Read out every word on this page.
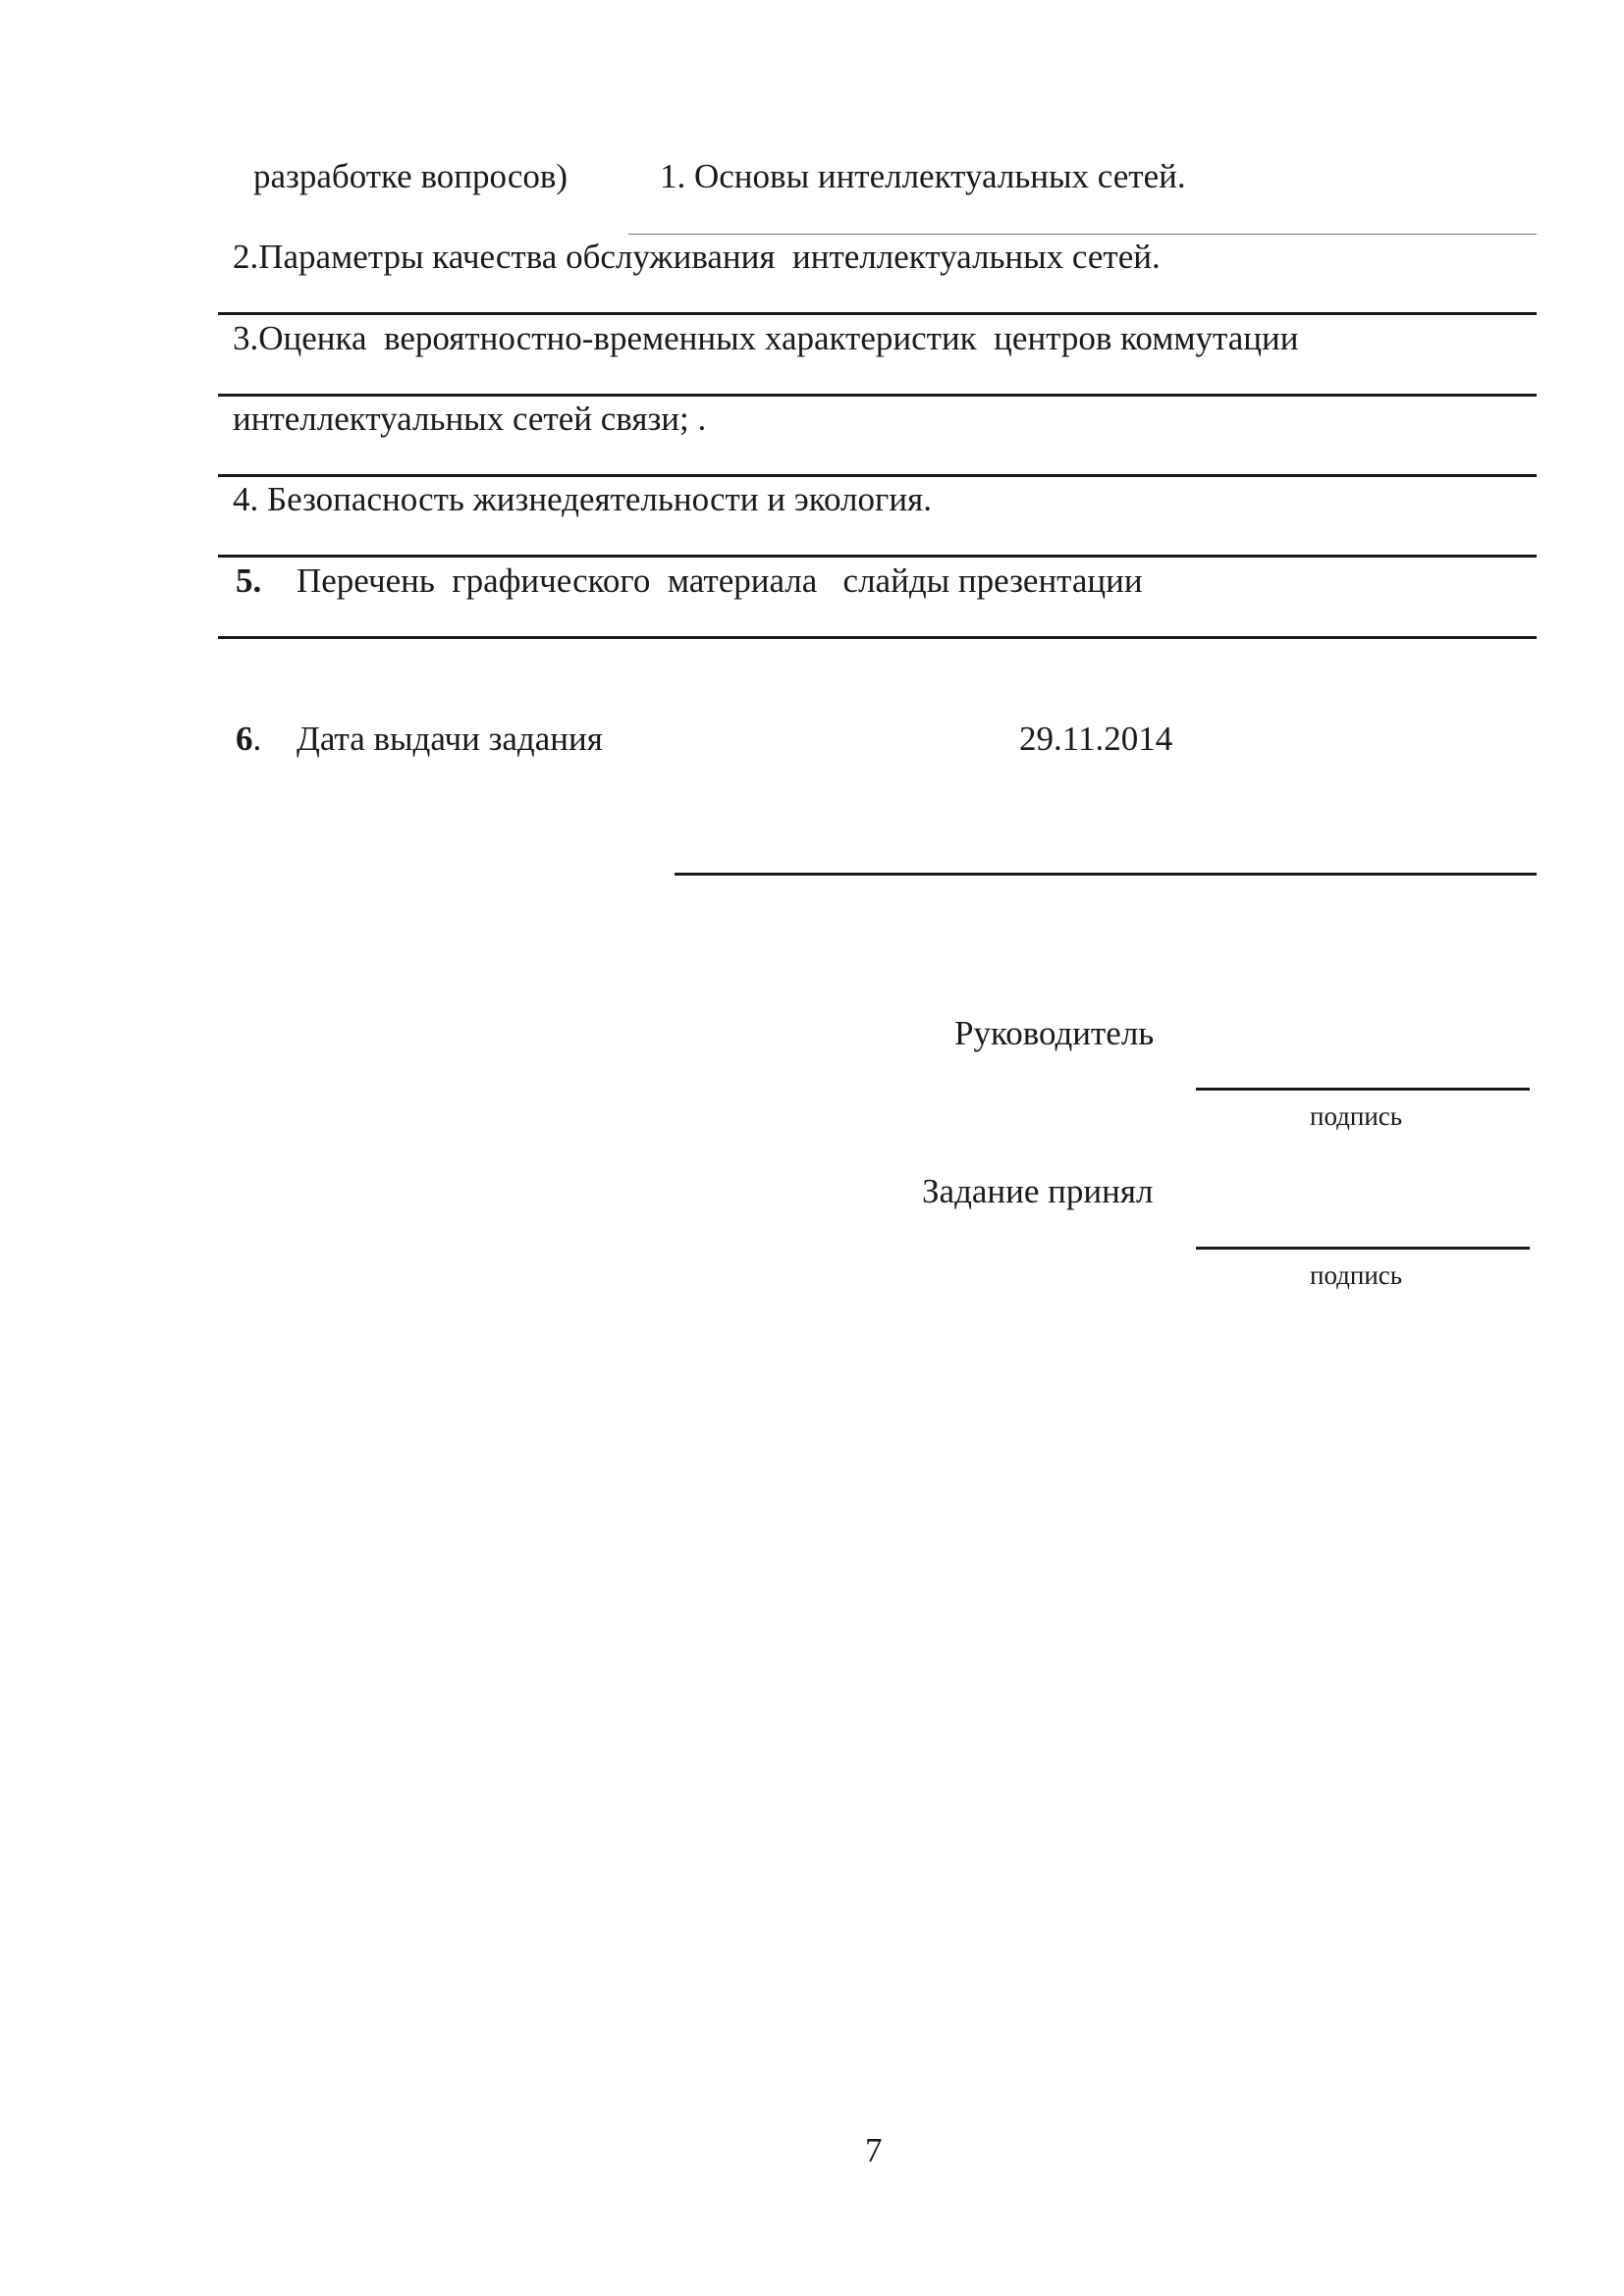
разработке вопросов)	1. Основы интеллектуальных сетей.
2.Параметры качества обслуживания  интеллектуальных сетей.
3.Оценка  вероятностно-временных характеристик  центров коммутации
интеллектуальных сетей связи; .
4. Безопасность жизнедеятельности и экология.
5. Перечень  графического  материала   слайды презентации
6. Дата выдачи задания	29.11.2014
Руководитель
подпись
Задание принял
подпись
7
